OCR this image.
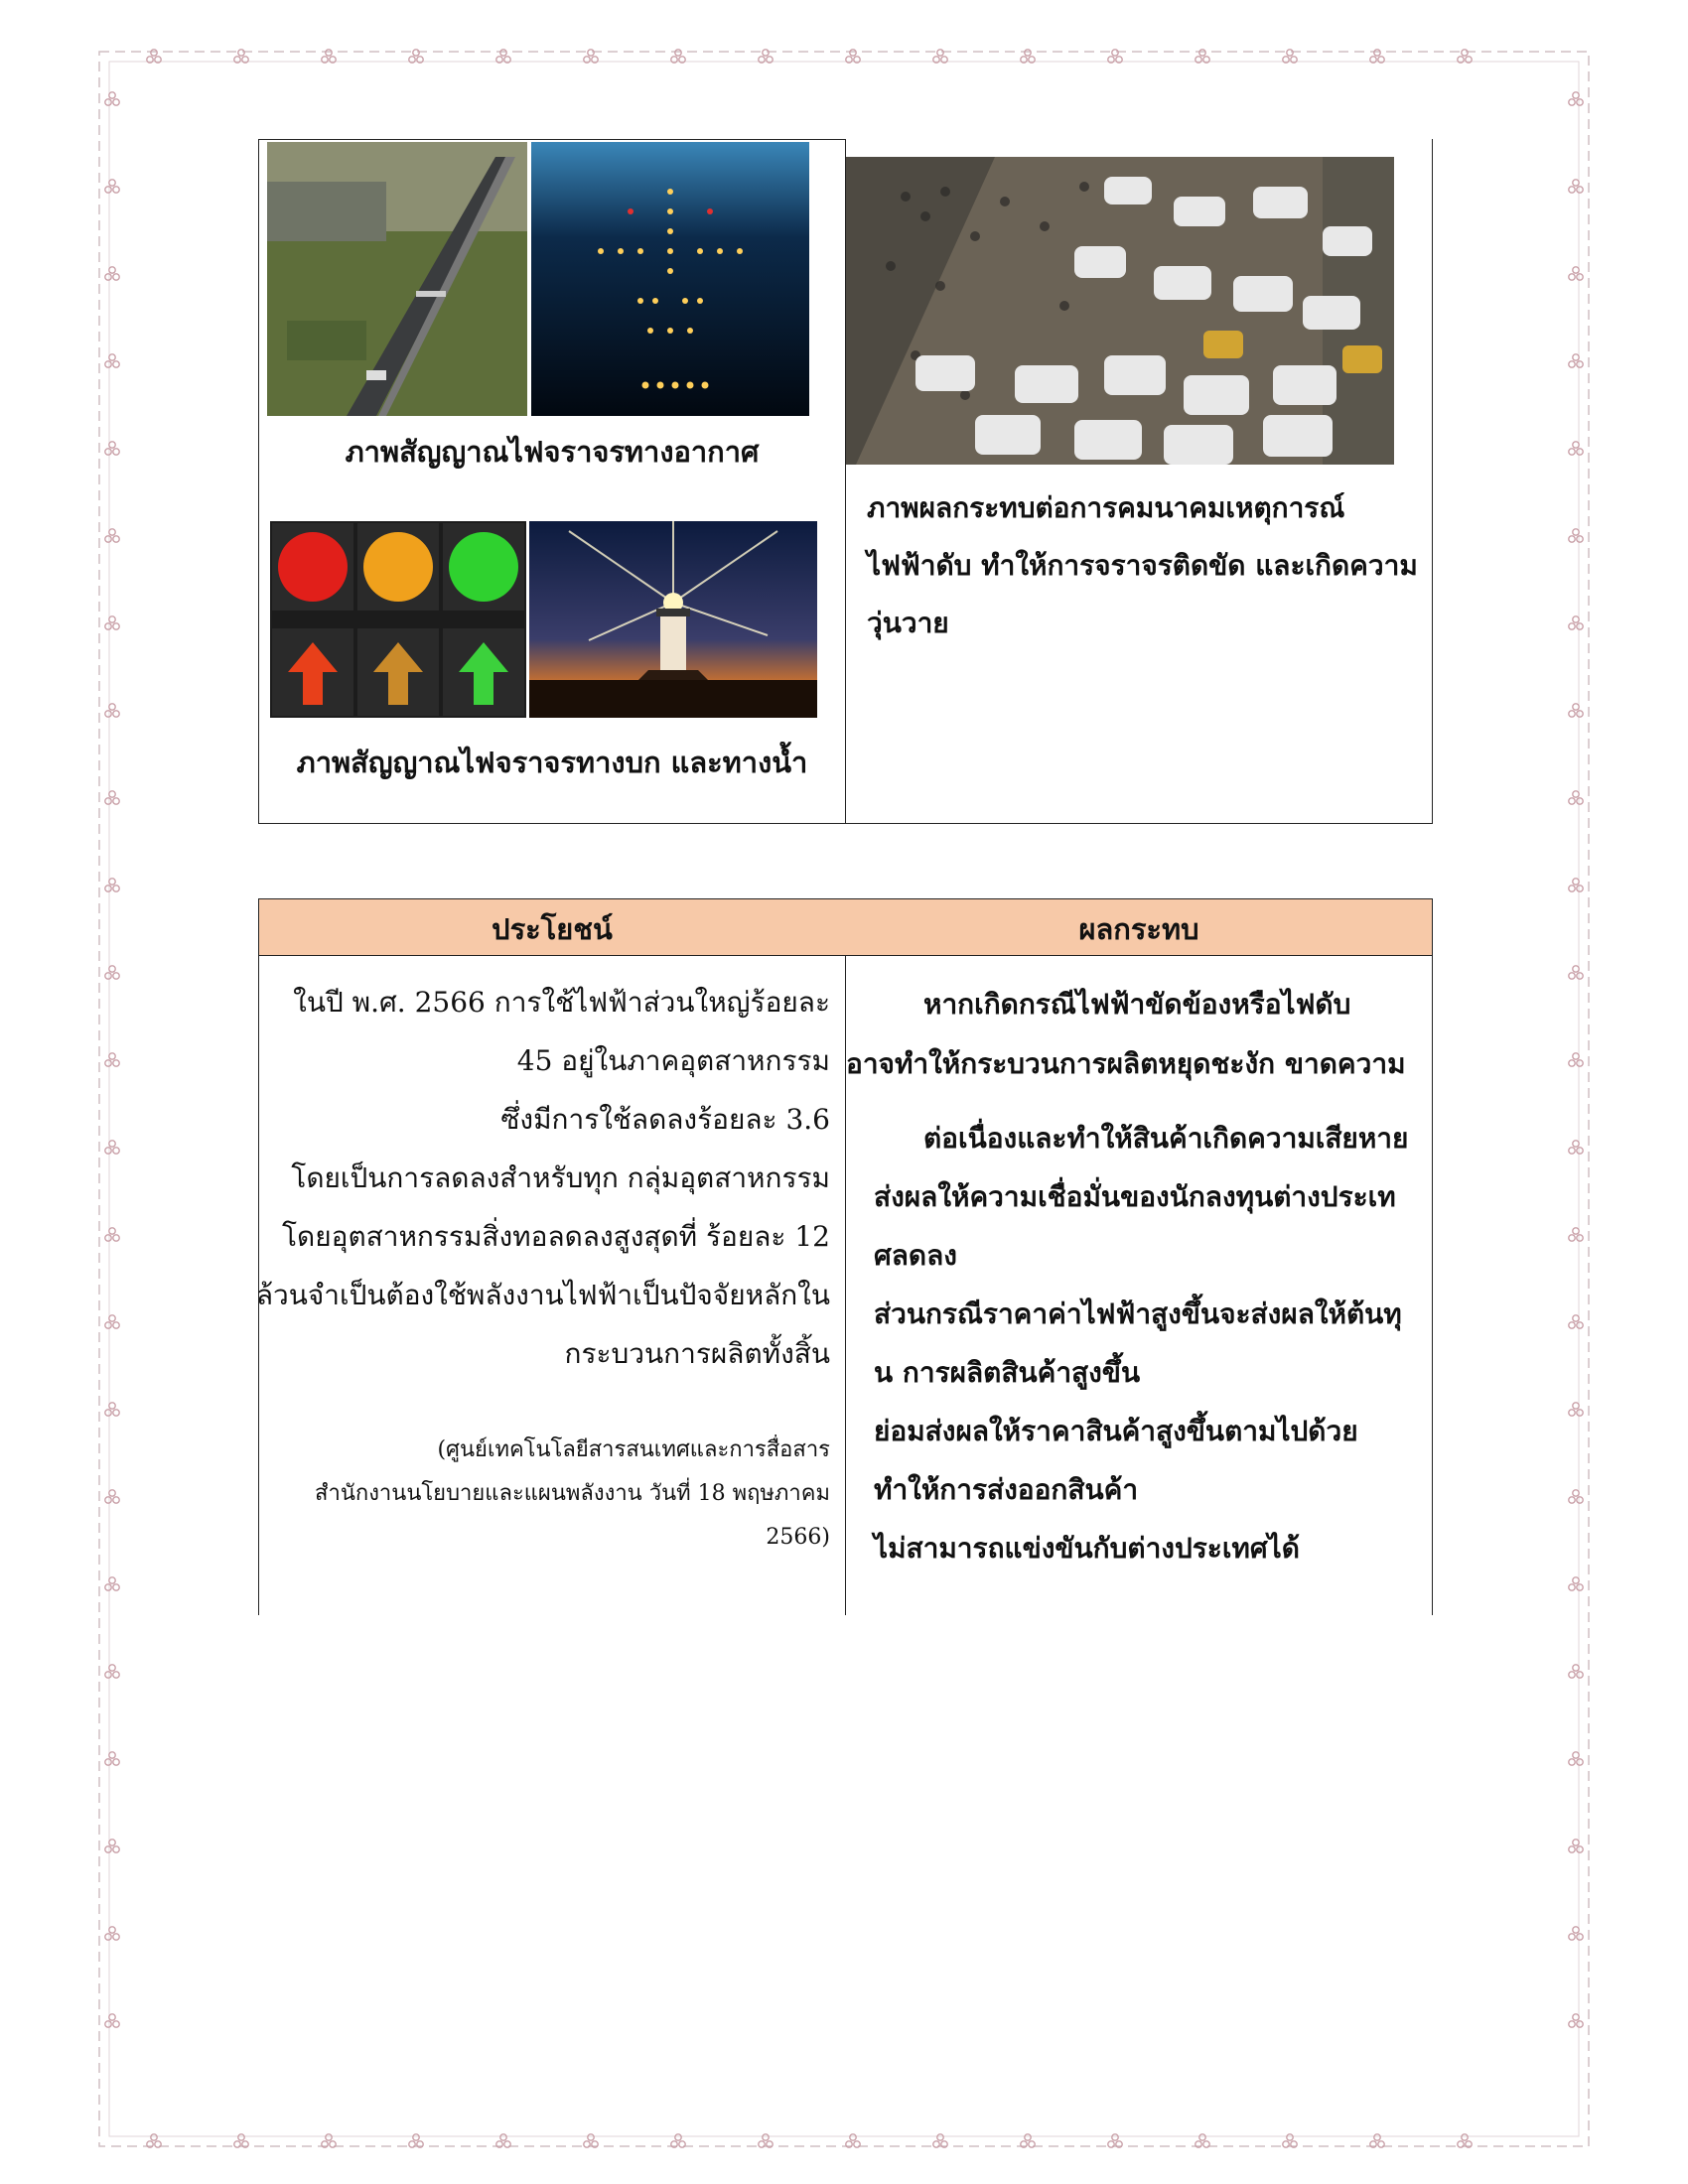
ภาพสัญญาณไฟจราจรทางอากาศ
ภาพสัญญาณไฟจราจรทางบก และทางน้ำ
ภาพผลกระทบต่อการคมนาคมเหตุการณ์
ไฟฟ้าดับ ทำให้การจราจรติดขัด และเกิดความ
วุ่นวาย
ประโยชน์	ผลกระทบ
ในปี พ.ศ. 2566 การใช้ไฟฟ้าส่วนใหญ่ร้อยละ
45 อยู่ในภาคอุตสาหกรรม
ซึ่งมีการใช้ลดลงร้อยละ 3.6
โดยเป็นการลดลงสำหรับทุก กลุ่มอุตสาหกรรม
โดยอุตสาหกรรมสิ่งทอลดลงสูงสุดที่ ร้อยละ 12
ล้วนจำเป็นต้องใช้พลังงานไฟฟ้าเป็นปัจจัยหลักใน
กระบวนการผลิตทั้งสิ้น
(ศูนย์เทคโนโลยีสารสนเทศและการสื่อสาร
สำนักงานนโยบายและแผนพลังงาน วันที่ 18 พฤษภาคม
2566)
หากเกิดกรณีไฟฟ้าขัดข้องหรือไฟดับ
อาจทำให้กระบวนการผลิตหยุดชะงัก ขาดความ
ต่อเนื่องและทำให้สินค้าเกิดความเสียหาย
ส่งผลให้ความเชื่อมั่นของนักลงทุนต่างประเท
ศลดลง
ส่วนกรณีราคาค่าไฟฟ้าสูงขึ้นจะส่งผลให้ต้นทุ
น การผลิตสินค้าสูงขึ้น
ย่อมส่งผลให้ราคาสินค้าสูงขึ้นตามไปด้วย
ทำให้การส่งออกสินค้า
ไม่สามารถแข่งขันกับต่างประเทศได้
